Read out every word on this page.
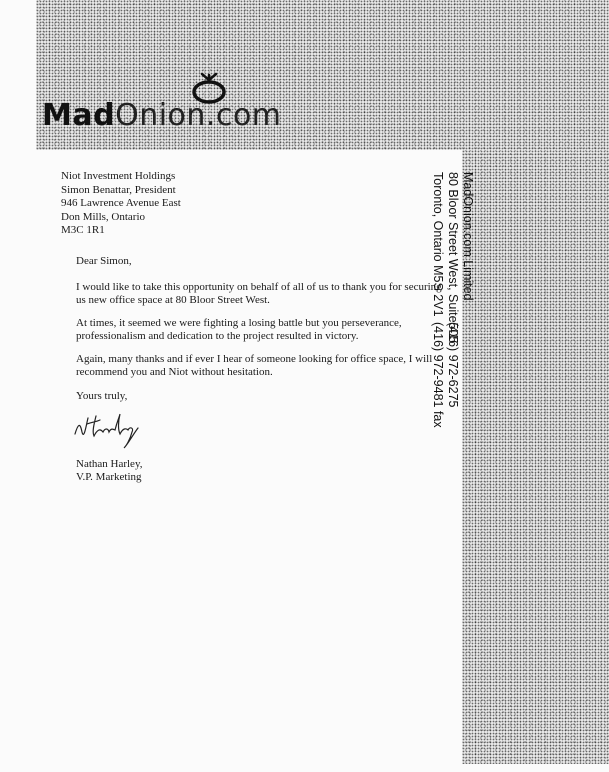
MadOnion.com
Niot Investment Holdings
Simon Benattar, President
946 Lawrence Avenue East
Don Mills, Ontario
M3C 1R1
Dear Simon,
I would like to take this opportunity on behalf of all of us to thank you for securing us new office space at 80 Bloor Street West.
At times, it seemed we were fighting a losing battle but you perseverance, professionalism and dedication to the project resulted in victory.
Again, many thanks and if ever I hear of someone looking for office space, I will recommend you and Niot without hesitation.
Yours truly,
Nathan Harley,
V.P. Marketing
MadOnion.com Limited
80 Bloor Street West, Suite505
(416) 972-6275
Toronto, Ontario M5S 2V1
(416) 972-9481 fax
